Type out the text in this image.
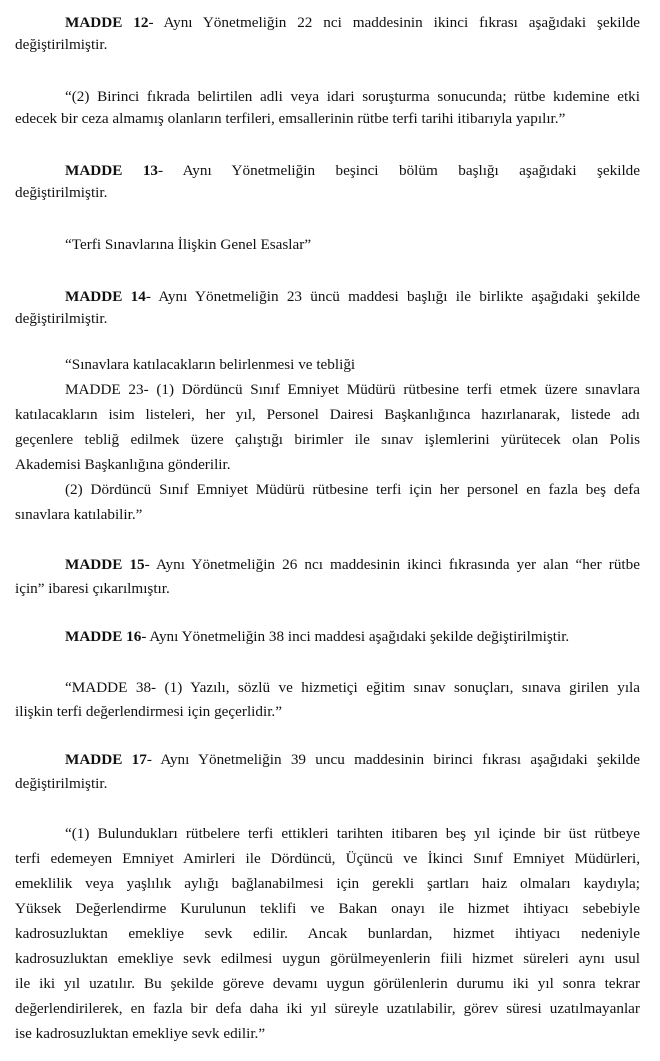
MADDE 12- Aynı Yönetmeliğin 22 nci maddesinin ikinci fıkrası aşağıdaki şekilde
değiştirilmiştir.
“(2) Birinci fıkrada belirtilen adli veya idari soruşturma sonucunda; rütbe kıdemine etki
edecek bir ceza almamış olanların terfileri, emsallerinin rütbe terfi tarihi itibarıyla yapılır.”
MADDE 13- Aynı Yönetmeliğin beşinci bölüm başlığı aşağıdaki şekilde
değiştirilmiştir.
“Terfi Sınavlarına İlişkin Genel Esaslar”
MADDE 14- Aynı Yönetmeliğin 23 üncü maddesi başlığı ile birlikte aşağıdaki şekilde
değiştirilmiştir.
“Sınavlara katılacakların belirlenmesi ve tebliği
MADDE 23- (1) Dördüncü Sınıf Emniyet Müdürü rütbesine terfi etmek üzere sınavlara
katılacakların isim listeleri, her yıl, Personel Dairesi Başkanlığınca hazırlanarak, listede adı
geçenlere tebliğ edilmek üzere çalıştığı birimler ile sınav işlemlerini yürütecek olan Polis
Akademisi Başkanlığına gönderilir.
(2) Dördüncü Sınıf Emniyet Müdürü rütbesine terfi için her personel en fazla beş defa
sınavlara katılabilir.”
MADDE 15- Aynı Yönetmeliğin 26 ncı maddesinin ikinci fıkrasında yer alan “her rütbe
için” ibaresi çıkarılmıştır.
MADDE 16- Aynı Yönetmeliğin 38 inci maddesi aşağıdaki şekilde değiştirilmiştir.
“MADDE 38- (1) Yazılı, sözlü ve hizmetiçi eğitim sınav sonuçları, sınava girilen yıla
ilişkin terfi değerlendirmesi için geçerlidir.”
MADDE 17- Aynı Yönetmeliğin 39 uncu maddesinin birinci fıkrası aşağıdaki şekilde
değiştirilmiştir.
“(1) Bulundukları rütbelere terfi ettikleri tarihten itibaren beş yıl içinde bir üst rütbeye
terfi edemeyen Emniyet Amirleri ile Dördüncü, Üçüncü ve İkinci Sınıf Emniyet Müdürleri,
emeklilik veya yaşlılık aylığı bağlanabilmesi için gerekli şartları haiz olmaları kaydıyla;
Yüksek Değerlendirme Kurulunun teklifi ve Bakan onayı ile hizmet ihtiyacı sebebiyle
kadrosuzluktan emekliye sevk edilir. Ancak bunlardan, hizmet ihtiyacı nedeniyle
kadrosuzluktan emekliye sevk edilmesi uygun görülmeyenlerin fiili hizmet süreleri aynı usul
ile iki yıl uzatılır. Bu şekilde göreve devamı uygun görülenlerin durumu iki yıl sonra tekrar
değerlendirilerek, en fazla bir defa daha iki yıl süreyle uzatılabilir, görev süresi uzatılmayanlar
ise kadrosuzluktan emekliye sevk edilir.”
